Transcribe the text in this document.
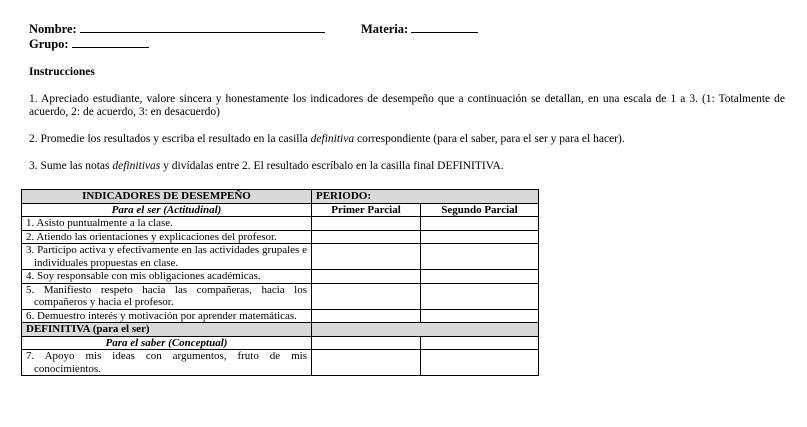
Nombre:	Materia:
Grupo:
Instrucciones
1. Apreciado estudiante, valore sincera y honestamente los indicadores de desempeño que a continuación se detallan, en una escala de 1 a 3. (1: Totalmente de acuerdo, 2: de acuerdo, 3: en desacuerdo)
2. Promedie los resultados y escriba el resultado en la casilla definitiva correspondiente (para el saber, para el ser y para el hacer).
3. Sume las notas definitivas y divídalas entre 2. El resultado escríbalo en la casilla final DEFINITIVA.
INDICADORES DE DESEMPEÑO	PERIODO:	
Para el ser (Actitudinal)	Primer Parcial	Segundo Parcial
1. Asisto puntualmente a la clase.		
2. Atiendo las orientaciones y explicaciones del profesor.		
3. Participo activa y efectivamente en las actividades grupales e individuales propuestas en clase.		
4. Soy responsable con mis obligaciones académicas.		
5. Manifiesto respeto hacia las compañeras, hacia los compañeros y hacia el profesor.		
6. Demuestro interés y motivación por aprender matemáticas.		
DEFINITIVA (para el ser)		
Para el saber (Conceptual)		
7. Apoyo mis ideas con argumentos, fruto de mis conocimientos.		
